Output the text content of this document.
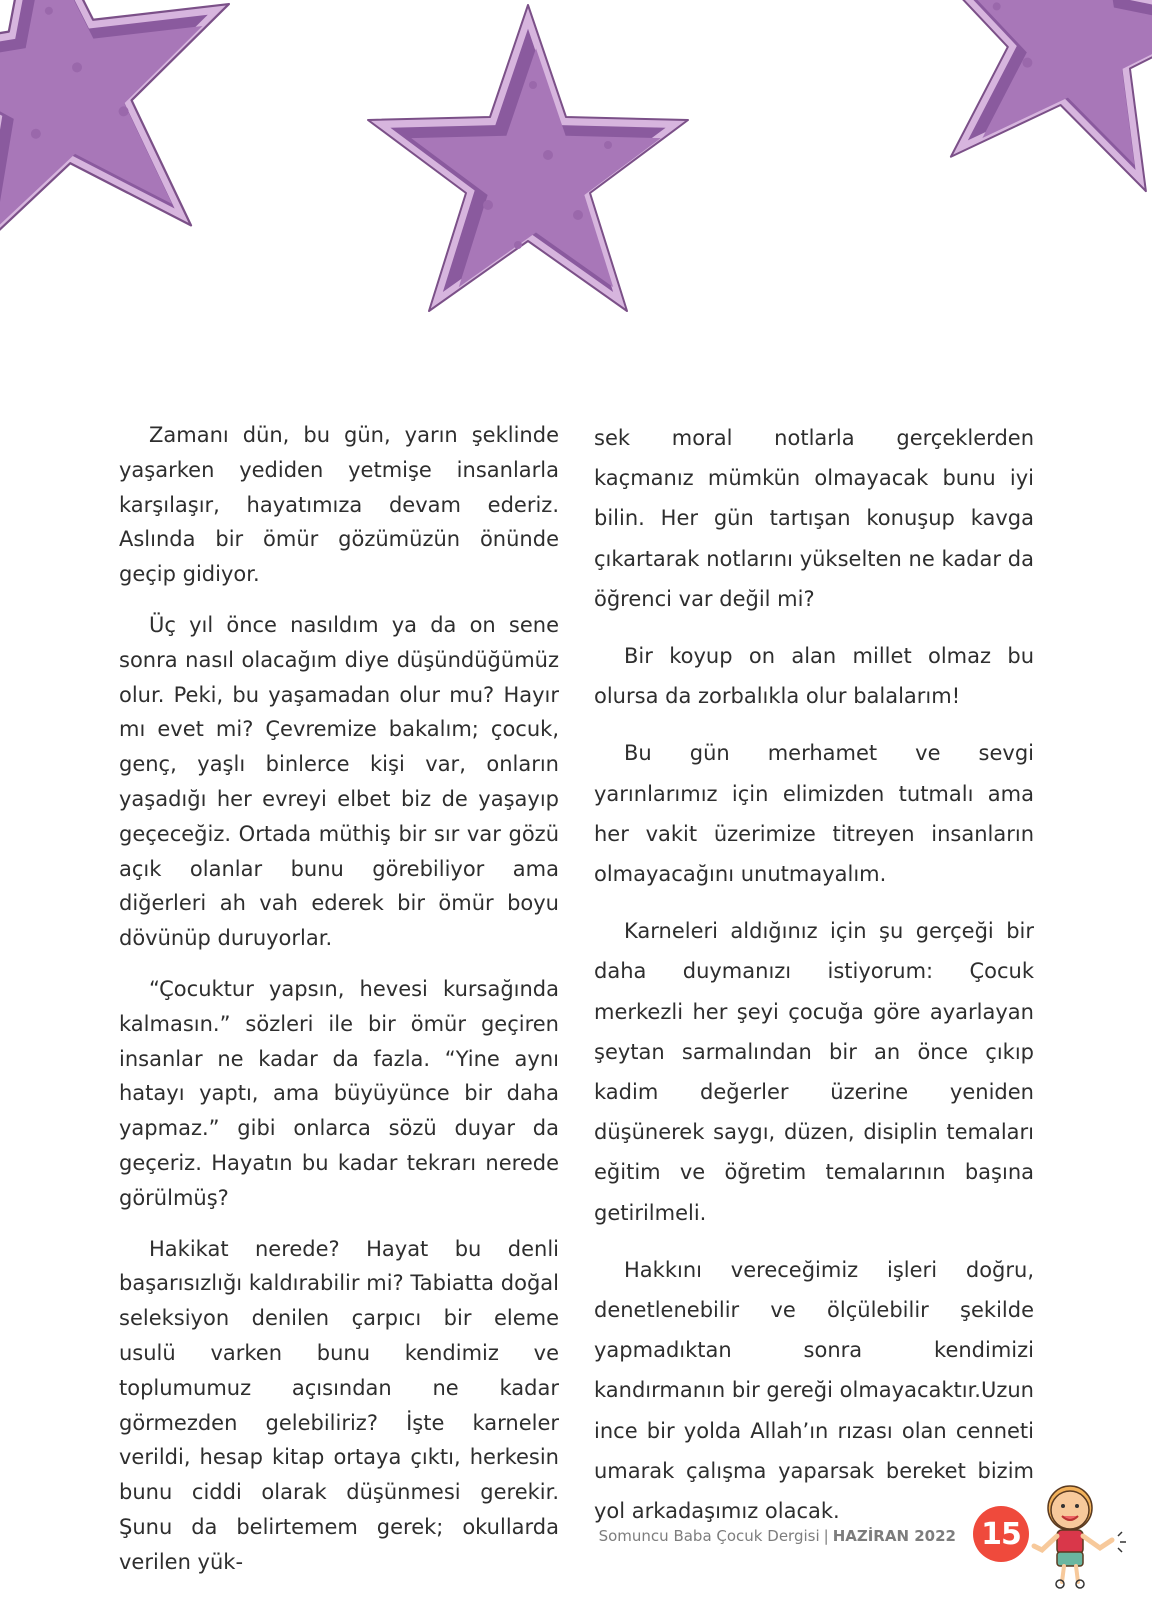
Zamanı dün, bu gün, yarın şeklinde yaşarken yediden yetmişe insanlarla karşılaşır, hayatımıza devam ederiz. Aslında bir ömür gözümüzün önünde geçip gidiyor.

Üç yıl önce nasıldım ya da on sene sonra nasıl olacağım diye düşündüğümüz olur. Peki, bu yaşamadan olur mu? Hayır mı evet mi? Çevremize bakalım; çocuk, genç, yaşlı binlerce kişi var, onların yaşadığı her evreyi elbet biz de yaşayıp geçeceğiz. Ortada müthiş bir sır var gözü açık olanlar bunu görebiliyor ama diğerleri ah vah ederek bir ömür boyu dövünüp duruyorlar.

“Çocuktur yapsın, hevesi kursağında kalmasın.” sözleri ile bir ömür geçiren insanlar ne kadar da fazla. “Yine aynı hatayı yaptı, ama büyüyünce bir daha yapmaz.” gibi onlarca sözü duyar da geçeriz. Hayatın bu kadar tekrarı nerede görülmüş?

Hakikat nerede? Hayat bu denli başarısızlığı kaldırabilir mi? Tabiatta doğal seleksiyon denilen çarpıcı bir eleme usulü varken bunu kendimiz ve toplumumuz açısından ne kadar görmezden gelebiliriz? İşte karneler verildi, hesap kitap ortaya çıktı, herkesin bunu ciddi olarak düşünmesi gerekir. Şunu da belirtemem gerek; okullarda verilen yük-

sek moral notlarla gerçeklerden kaçmanız mümkün olmayacak bunu iyi bilin. Her gün tartışan konuşup kavga çıkartarak notlarını yükselten ne kadar da öğrenci var değil mi?

Bir koyup on alan millet olmaz bu olursa da zorbalıkla olur balalarım!

Bu gün merhamet ve sevgi yarınlarımız için elimizden tutmalı ama her vakit üzerimize titreyen insanların olmayacağını unutmayalım.

Karneleri aldığınız için şu gerçeği bir daha duymanızı istiyorum: Çocuk merkezli her şeyi çocuğa göre ayarlayan şeytan sarmalından bir an önce çıkıp kadim değerler üzerine yeniden düşünerek saygı, düzen, disiplin temaları eğitim ve öğretim temalarının başına getirilmeli.

Hakkını vereceğimiz işleri doğru, denetlenebilir ve ölçülebilir şekilde yapmadıktan sonra kendimizi kandırmanın bir gereği olmayacaktır.Uzun ince bir yolda Allah’ın rızası olan cenneti umarak çalışma yaparsak bereket bizim yol arkadaşımız olacak.

Somuncu Baba Çocuk Dergisi | HAZİRAN 2022 15
